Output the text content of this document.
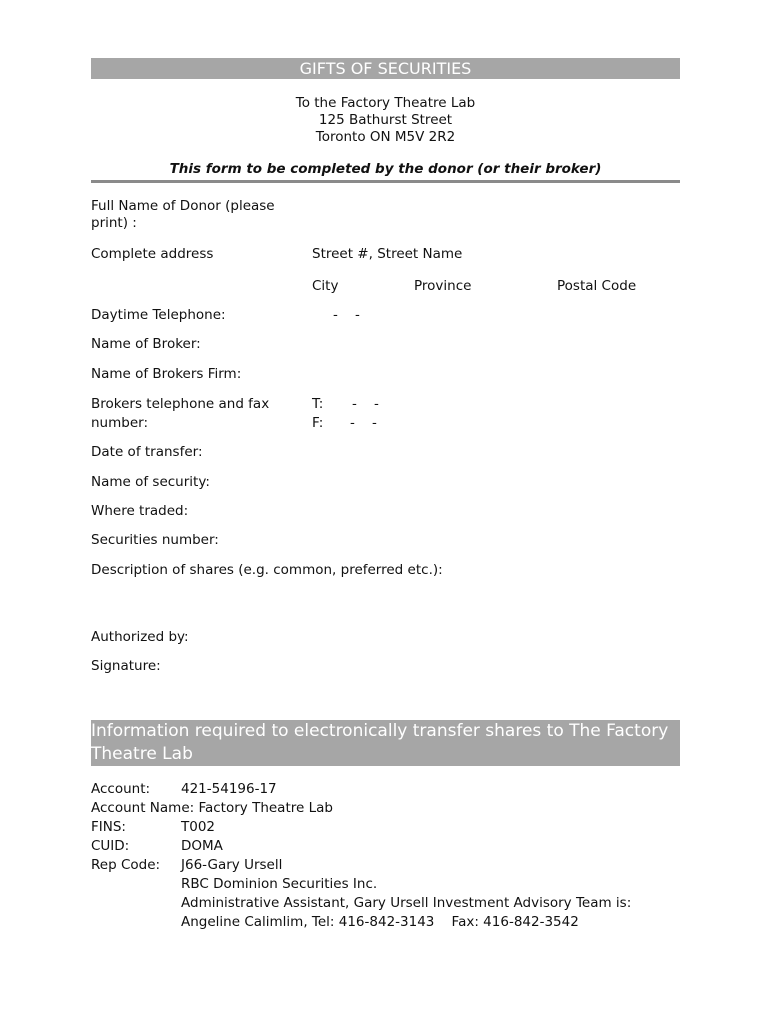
GIFTS OF SECURITIES
To the Factory Theatre Lab
125 Bathurst Street
Toronto ON M5V 2R2
This form to be completed by the donor (or their broker)
Full Name of Donor (please print) :
Complete address	Street #, Street Name
City	Province	Postal Code
Daytime Telephone:	-    -
Name of Broker:
Name of Brokers Firm:
Brokers telephone and fax number:
T: -    -
F: -    -
Date of transfer:
Name of security:
Where traded:
Securities number:
Description of shares (e.g. common, preferred etc.):
Authorized by:
Signature:
Information required to electronically transfer shares to The Factory Theatre Lab
Account: 421-54196-17
Account Name: Factory Theatre Lab
FINS:	T002
CUID:	DOMA
Rep Code: J66-Gary Ursell
RBC Dominion Securities Inc.
Administrative Assistant, Gary Ursell Investment Advisory Team is:
Angeline Calimlim, Tel: 416-842-3143    Fax: 416-842-3542
